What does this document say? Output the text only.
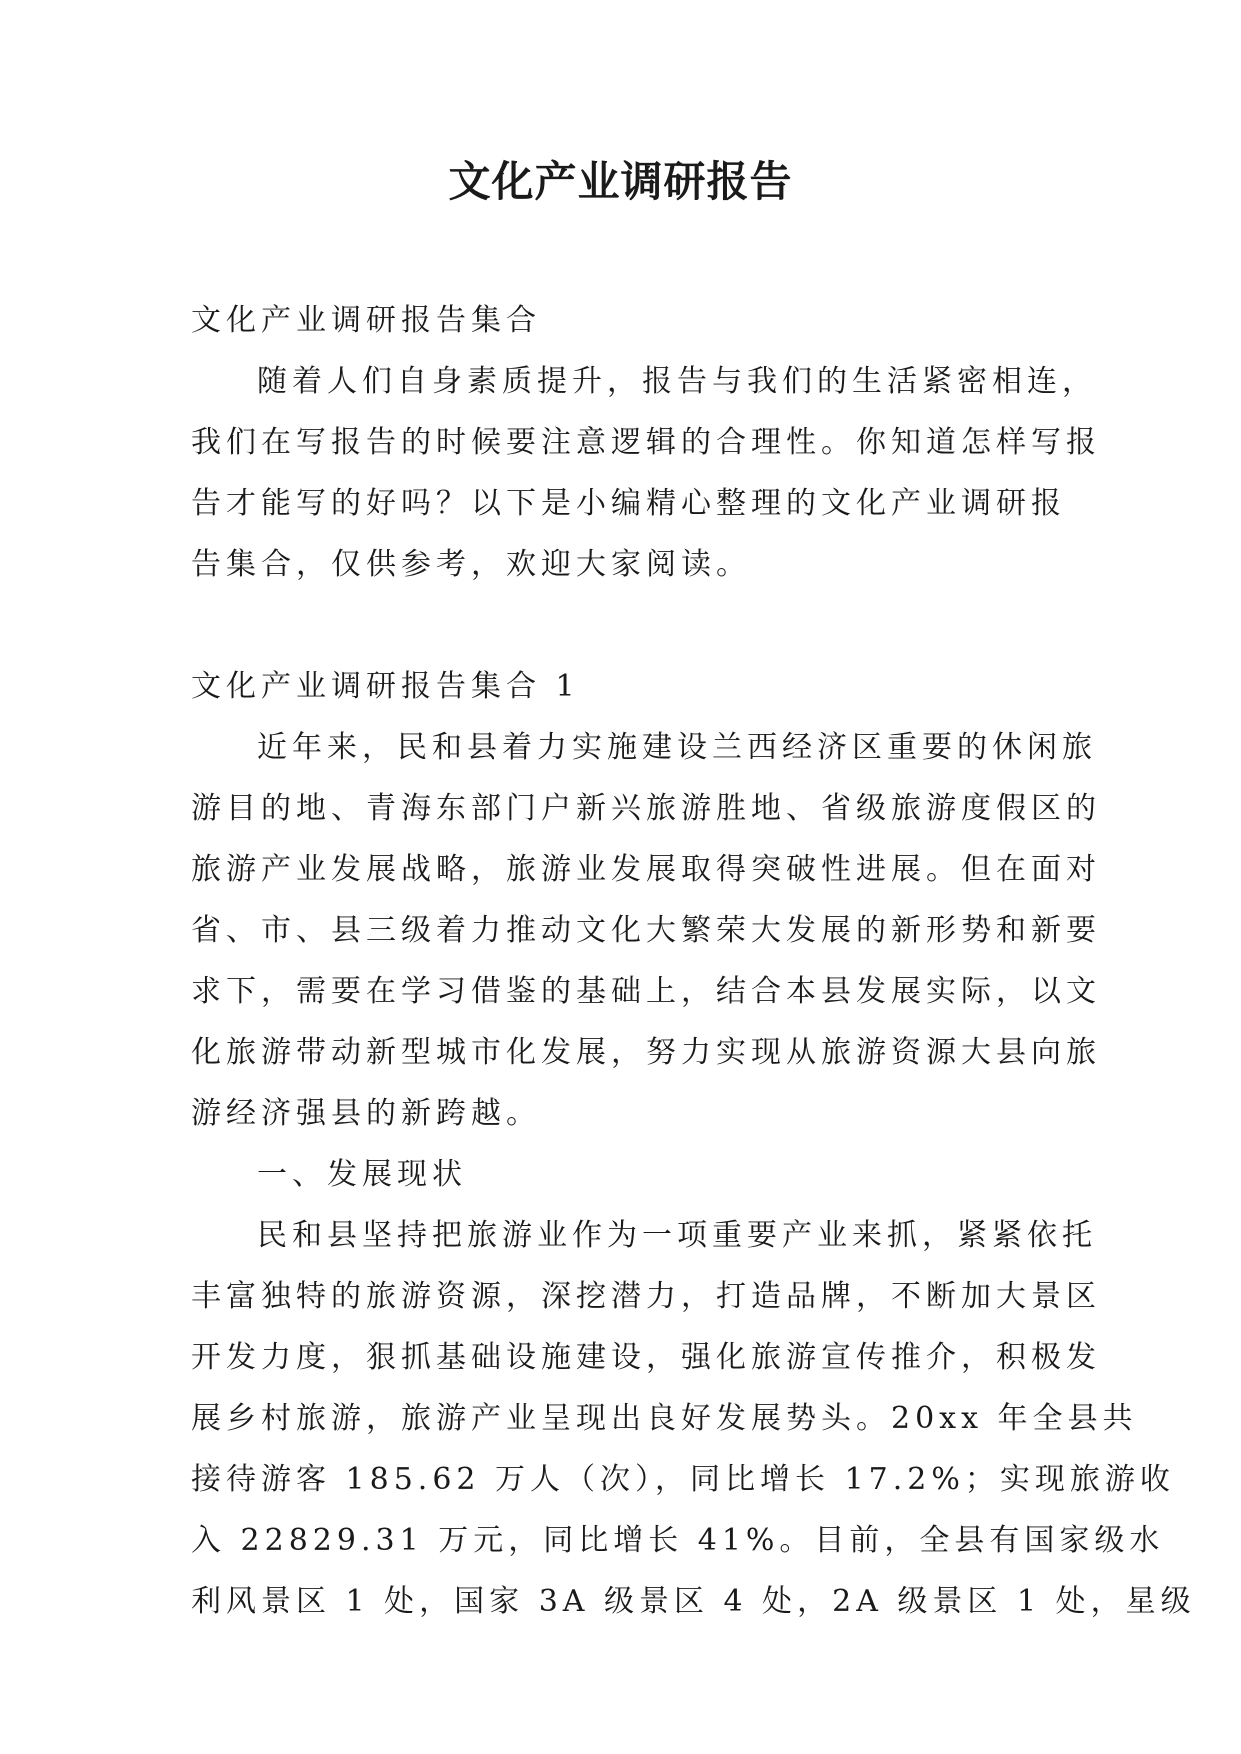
文化产业调研报告

文化产业调研报告集合

随着人们自身素质提升，报告与我们的生活紧密相连，

我们在写报告的时候要注意逻辑的合理性。你知道怎样写报

告才能写的好吗？以下是小编精心整理的文化产业调研报

告集合，仅供参考，欢迎大家阅读。

文化产业调研报告集合 1

近年来，民和县着力实施建设兰西经济区重要的休闲旅

游目的地、青海东部门户新兴旅游胜地、省级旅游度假区的

旅游产业发展战略，旅游业发展取得突破性进展。但在面对

省、市、县三级着力推动文化大繁荣大发展的新形势和新要

求下，需要在学习借鉴的基础上，结合本县发展实际，以文

化旅游带动新型城市化发展，努力实现从旅游资源大县向旅

游经济强县的新跨越。

一、发展现状

民和县坚持把旅游业作为一项重要产业来抓，紧紧依托

丰富独特的旅游资源，深挖潜力，打造品牌，不断加大景区

开发力度，狠抓基础设施建设，强化旅游宣传推介，积极发

展乡村旅游，旅游产业呈现出良好发展势头。20xx 年全县共

接待游客 185.62 万人（次），同比增长 17.2%；实现旅游收

入 22829.31 万元，同比增长 41%。目前，全县有国家级水

利风景区 1 处，国家 3A 级景区 4 处，2A 级景区 1 处，星级
